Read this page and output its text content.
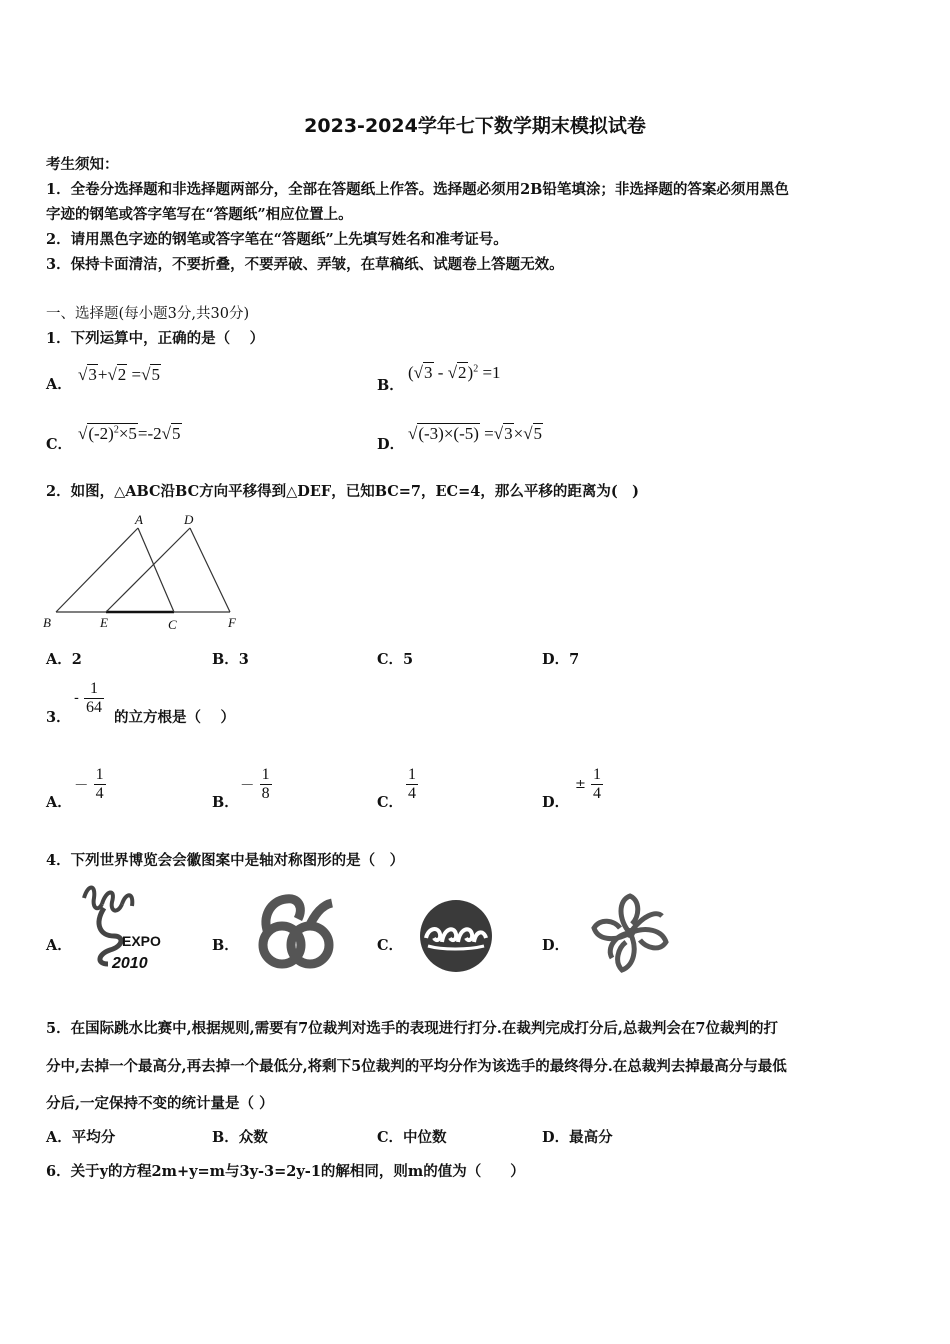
2023-2024学年七下数学期末模拟试卷
考生须知：
1．全卷分选择题和非选择题两部分，全部在答题纸上作答。选择题必须用2B铅笔填涂；非选择题的答案必须用黑色
字迹的钢笔或答字笔写在“答题纸”相应位置上。
2．请用黑色字迹的钢笔或答字笔在“答题纸”上先填写姓名和准考证号。
3．保持卡面清洁，不要折叠，不要弄破、弄皱，在草稿纸、试题卷上答题无效。
一、选择题(每小题3分,共30分)
1．下列运算中，正确的是（　 ）
A．
√3+√2 =√5
B．
(√3 - √2)$^2$ =1
C．
$√(-2)^2\times 5=-2√5$
D．
√(-3)×(-5) =√3×√5
2．如图，△ABC沿BC方向平移得到△DEF，已知BC=7，EC=4，那么平移的距离为(　)
A	D
B	E	C	F
A．2	B．3	C．5	D．7
3．
- $\frac{1}{64}$
的立方根是（　 ）
A．
－ $\frac{1}{4}$	B．
－ $\frac{1}{8}$	C． $\frac{1}{4}$	D．
± $\frac{1}{4}$
4．下列世界博览会会徽图案中是轴对称图形的是（　）
A．	EXPO
2010
B．	C．	D．
5．在国际跳水比赛中,根据规则,需要有7位裁判对选手的表现进行打分.在裁判完成打分后,总裁判会在7位裁判的打
分中,去掉一个最高分,再去掉一个最低分,将剩下5位裁判的平均分作为该选手的最终得分.在总裁判去掉最高分与最低
分后,一定保持不变的统计量是（ ）
A．平均分	B．众数	C．中位数	D．最高分
6．关于y的方程2m+y=m与3y-3=2y-1的解相同，则m的值为（　　）
